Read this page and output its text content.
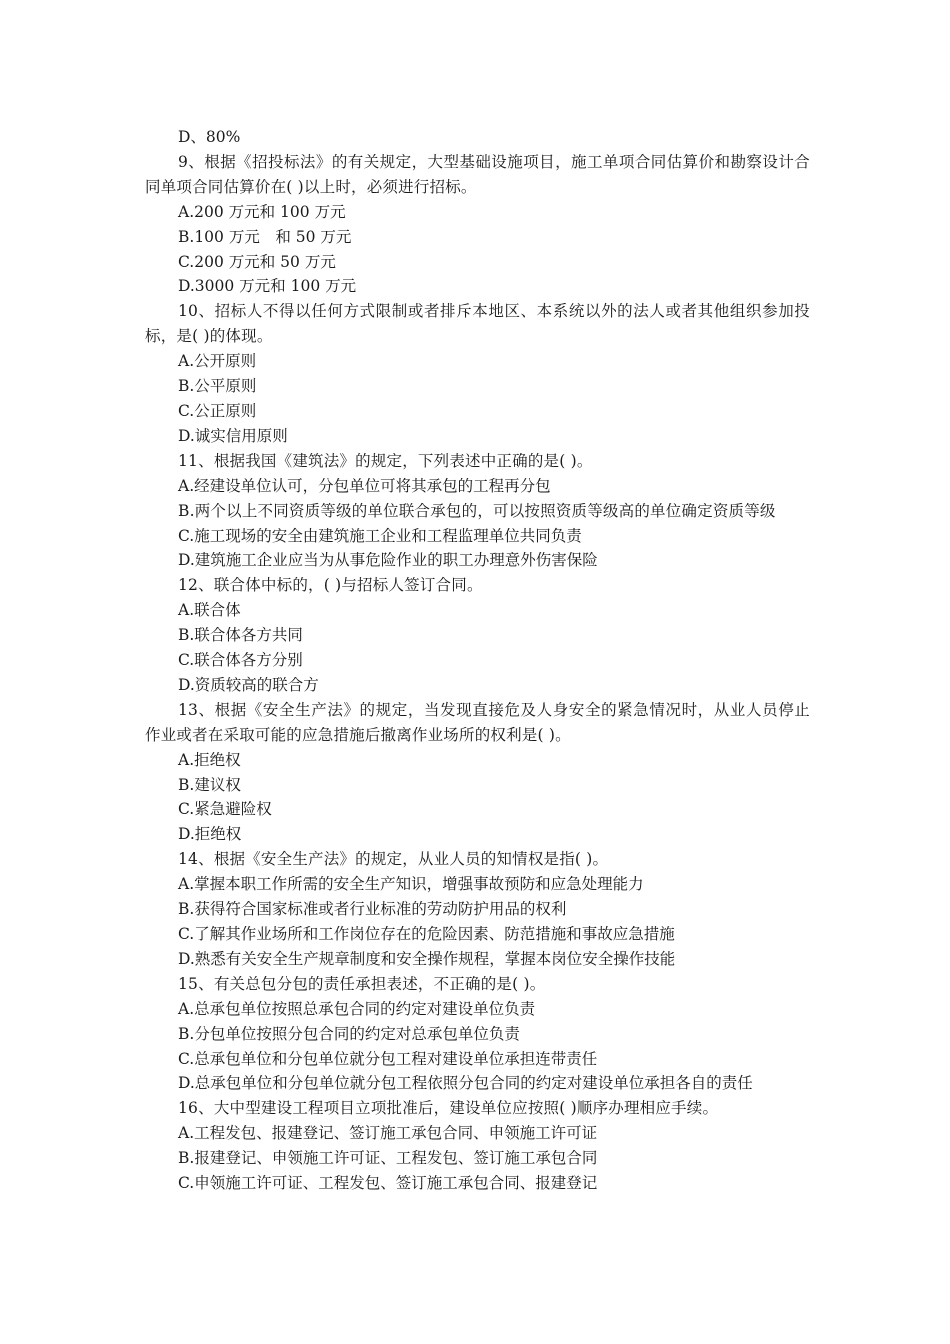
D、80%

9、根据《招投标法》的有关规定，大型基础设施项目，施工单项合同估算价和勘察设计合同单项合同估算价在( )以上时，必须进行招标。

A.200 万元和 100 万元

B.100 万元　和 50 万元

C.200 万元和 50 万元

D.3000 万元和 100 万元

10、招标人不得以任何方式限制或者排斥本地区、本系统以外的法人或者其他组织参加投标，是( )的体现。

A.公开原则

B.公平原则

C.公正原则

D.诚实信用原则

11、根据我国《建筑法》的规定，下列表述中正确的是( )。

A.经建设单位认可，分包单位可将其承包的工程再分包

B.两个以上不同资质等级的单位联合承包的，可以按照资质等级高的单位确定资质等级

C.施工现场的安全由建筑施工企业和工程监理单位共同负责

D.建筑施工企业应当为从事危险作业的职工办理意外伤害保险

12、联合体中标的，( )与招标人签订合同。

A.联合体

B.联合体各方共同

C.联合体各方分别

D.资质较高的联合方

13、根据《安全生产法》的规定，当发现直接危及人身安全的紧急情况时，从业人员停止作业或者在采取可能的应急措施后撤离作业场所的权利是( )。

A.拒绝权

B.建议权

C.紧急避险权

D.拒绝权

14、根据《安全生产法》的规定，从业人员的知情权是指( )。

A.掌握本职工作所需的安全生产知识，增强事故预防和应急处理能力

B.获得符合国家标准或者行业标准的劳动防护用品的权利

C.了解其作业场所和工作岗位存在的危险因素、防范措施和事故应急措施

D.熟悉有关安全生产规章制度和安全操作规程，掌握本岗位安全操作技能

15、有关总包分包的责任承担表述，不正确的是( )。

A.总承包单位按照总承包合同的约定对建设单位负责

B.分包单位按照分包合同的约定对总承包单位负责

C.总承包单位和分包单位就分包工程对建设单位承担连带责任

D.总承包单位和分包单位就分包工程依照分包合同的约定对建设单位承担各自的责任

16、大中型建设工程项目立项批准后，建设单位应按照( )顺序办理相应手续。

A.工程发包、报建登记、签订施工承包合同、申领施工许可证

B.报建登记、申领施工许可证、工程发包、签订施工承包合同

C.申领施工许可证、工程发包、签订施工承包合同、报建登记
